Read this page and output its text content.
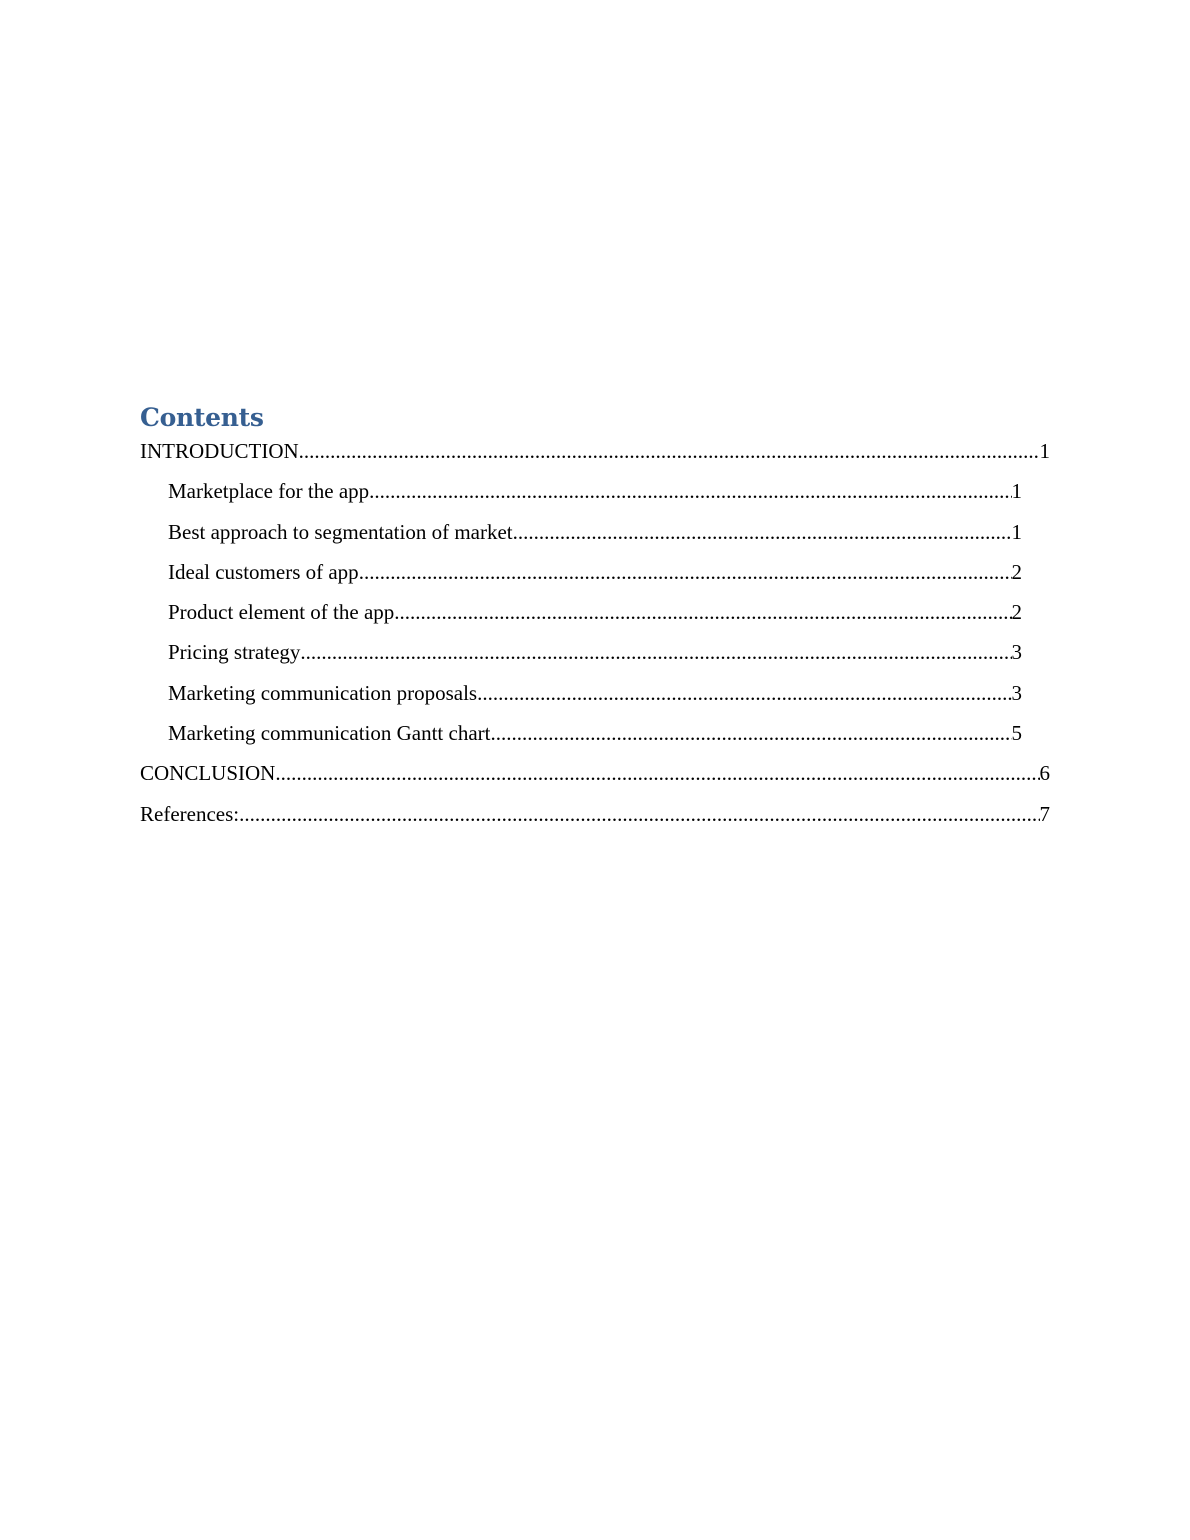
Contents
INTRODUCTION .....	1
Marketplace for the app .....	1
Best approach to segmentation of market .....	1
Ideal customers of app .....	2
Product element of the app .....	2
Pricing strategy .....	3
Marketing communication proposals .....	3
Marketing communication Gantt chart .....	5
CONCLUSION .....	6
References: .....	7
